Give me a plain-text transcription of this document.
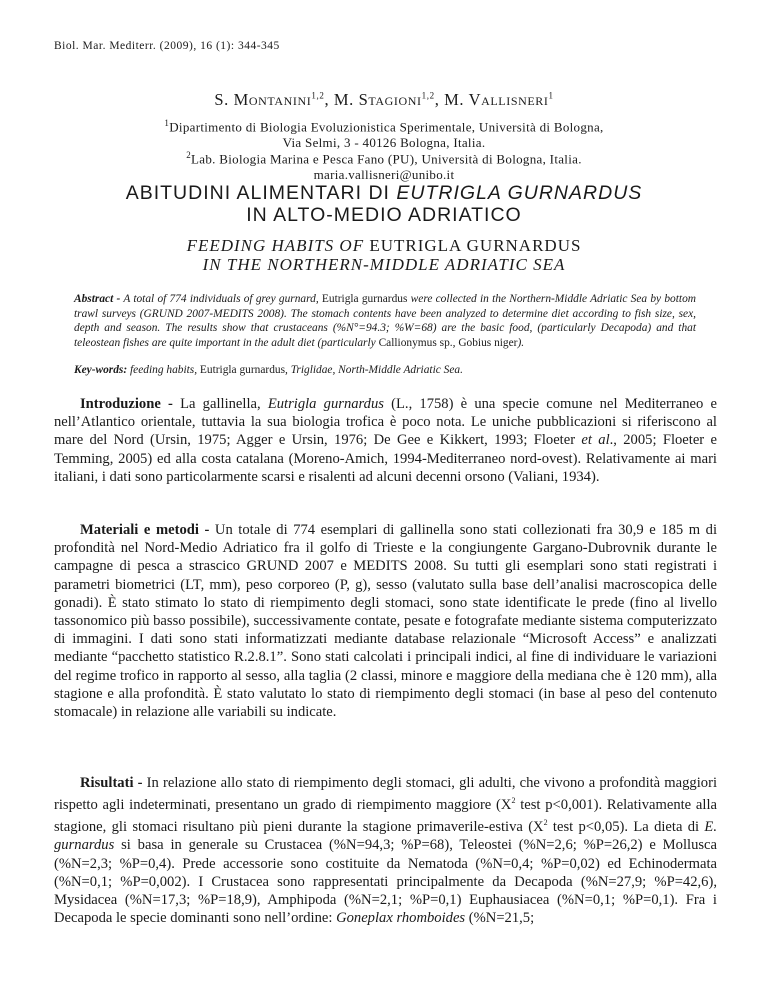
Biol. Mar. Mediterr. (2009), 16 (1): 344-345
S. Montanini$^{1,2}$, M. Stagioni$^{1,2}$, M. Vallisneri$^1$
$^1$Dipartimento di Biologia Evoluzionistica Sperimentale, Università di Bologna,
Via Selmi, 3 - 40126 Bologna, Italia.
$^2$Lab. Biologia Marina e Pesca Fano (PU), Università di Bologna, Italia.
maria.vallisneri@unibo.it
ABITUDINI ALIMENTARI DI EUTRIGLA GURNARDUS
IN ALTO-MEDIO ADRIATICO
FEEDING HABITS OF EUTRIGLA GURNARDUS
IN THE NORTHERN-MIDDLE ADRIATIC SEA
Abstract - A total of 774 individuals of grey gurnard, Eutrigla gurnardus were collected in the Northern-Middle Adriatic Sea by bottom trawl surveys (GRUND 2007-MEDITS 2008). The stomach contents have been analyzed to determine diet according to fish size, sex, depth and season. The results show that crustaceans (%N°=94.3; %W=68) are the basic food, (particularly Decapoda) and that teleostean fishes are quite important in the adult diet (particularly Callionymus sp., Gobius niger).
Key-words: feeding habits, Eutrigla gurnardus, Triglidae, North-Middle Adriatic Sea.
Introduzione - La gallinella, Eutrigla gurnardus (L., 1758) è una specie comune nel Mediterraneo e nell’Atlantico orientale, tuttavia la sua biologia trofica è poco nota. Le uniche pubblicazioni si riferiscono al mare del Nord (Ursin, 1975; Agger e Ursin, 1976; De Gee e Kikkert, 1993; Floeter et al., 2005; Floeter e Temming, 2005) ed alla costa catalana (Moreno-Amich, 1994-Mediterraneo nord-ovest). Relativamente ai mari italiani, i dati sono particolarmente scarsi e risalenti ad alcuni decenni orsono (Valiani, 1934).
Materiali e metodi - Un totale di 774 esemplari di gallinella sono stati collezionati fra 30,9 e 185 m di profondità nel Nord-Medio Adriatico fra il golfo di Trieste e la congiungente Gargano-Dubrovnik durante le campagne di pesca a strascico GRUND 2007 e MEDITS 2008. Su tutti gli esemplari sono stati registrati i parametri biometrici (LT, mm), peso corporeo (P, g), sesso (valutato sulla base dell’analisi macroscopica delle gonadi). È stato stimato lo stato di riempimento degli stomaci, sono state identificate le prede (fino al livello tassonomico più basso possibile), successivamente contate, pesate e fotografate mediante sistema computerizzato di immagini. I dati sono stati informatizzati mediante database relazionale “Microsoft Access” e analizzati mediante “pacchetto statistico R.2.8.1”. Sono stati calcolati i principali indici, al fine di individuare le variazioni del regime trofico in rapporto al sesso, alla taglia (2 classi, minore e maggiore della mediana che è 120 mm), alla stagione e alla profondità. È stato valutato lo stato di riempimento degli stomaci (in base al peso del contenuto stomacale) in relazione alle variabili su indicate.
Risultati - In relazione allo stato di riempimento degli stomaci, gli adulti, che vivono a profondità maggiori rispetto agli indeterminati, presentano un grado di riempimento maggiore ($X^2$ test p<0,001). Relativamente alla stagione, gli stomaci risultano più pieni durante la stagione primaverile-estiva ($X^2$ test p<0,05). La dieta di E. gurnardus si basa in generale su Crustacea (%N=94,3; %P=68), Teleostei (%N=2,6; %P=26,2) e Mollusca (%N=2,3; %P=0,4). Prede accessorie sono costituite da Nematoda (%N=0,4; %P=0,02) ed Echinodermata (%N=0,1; %P=0,002). I Crustacea sono rappresentati principalmente da Decapoda (%N=27,9; %P=42,6), Mysidacea (%N=17,3; %P=18,9), Amphipoda (%N=2,1; %P=0,1) Euphausiacea (%N=0,1; %P=0,1). Fra i Decapoda le specie dominanti sono nell’ordine: Goneplax rhomboides (%N=21,5;
